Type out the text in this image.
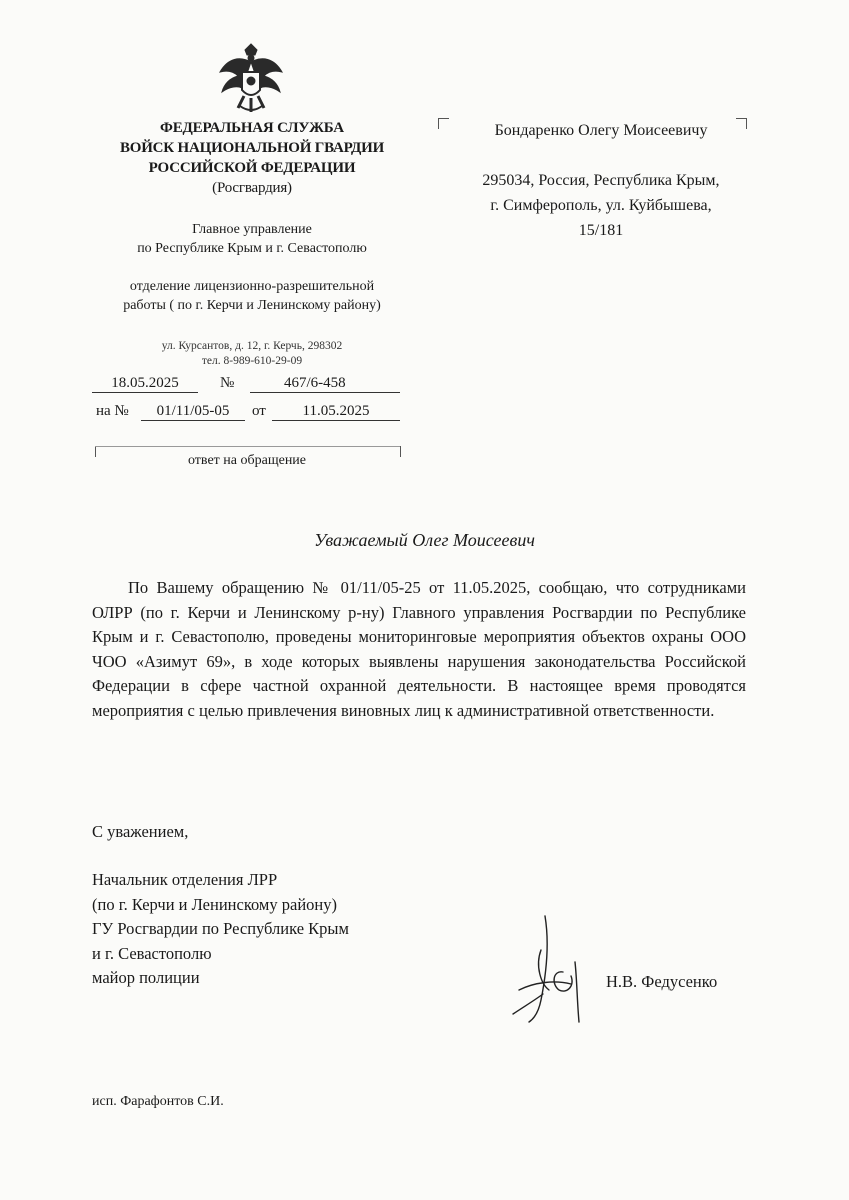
ФЕДЕРАЛЬНАЯ СЛУЖБА
ВОЙСК НАЦИОНАЛЬНОЙ ГВАРДИИ
РОССИЙСКОЙ ФЕДЕРАЦИИ
(Росгвардия)
Главное управление
по Республике Крым и г. Севастополю
отделение лицензионно-разрешительной
работы ( по г. Керчи и Ленинскому району)
ул. Курсантов, д. 12, г. Керчь, 298302
тел. 8-989-610-29-09
18.05.2025	№	467/6-458
на №	01/11/05-05	от	11.05.2025
ответ на обращение
Бондаренко Олегу Моисеевичу
295034, Россия, Республика Крым,
г. Симферополь, ул. Куйбышева,
15/181
Уважаемый Олег Моисеевич
По Вашему обращению № 01/11/05-25 от 11.05.2025, сообщаю, что сотрудниками ОЛРР (по г. Керчи и Ленинскому р-ну) Главного управления Росгвардии по Республике Крым и г. Севастополю, проведены мониторинговые мероприятия объектов охраны ООО ЧОО «Азимут 69», в ходе которых выявлены нарушения законодательства Российской Федерации в сфере частной охранной деятельности. В настоящее время проводятся мероприятия с целью привлечения виновных лиц к административной ответственности.
С уважением,
Начальник отделения ЛРР
(по г. Керчи и Ленинскому району)
ГУ Росгвардии по Республике Крым
и г. Севастополю
майор полиции	Н.В. Федусенко
исп. Фарафонтов С.И.
